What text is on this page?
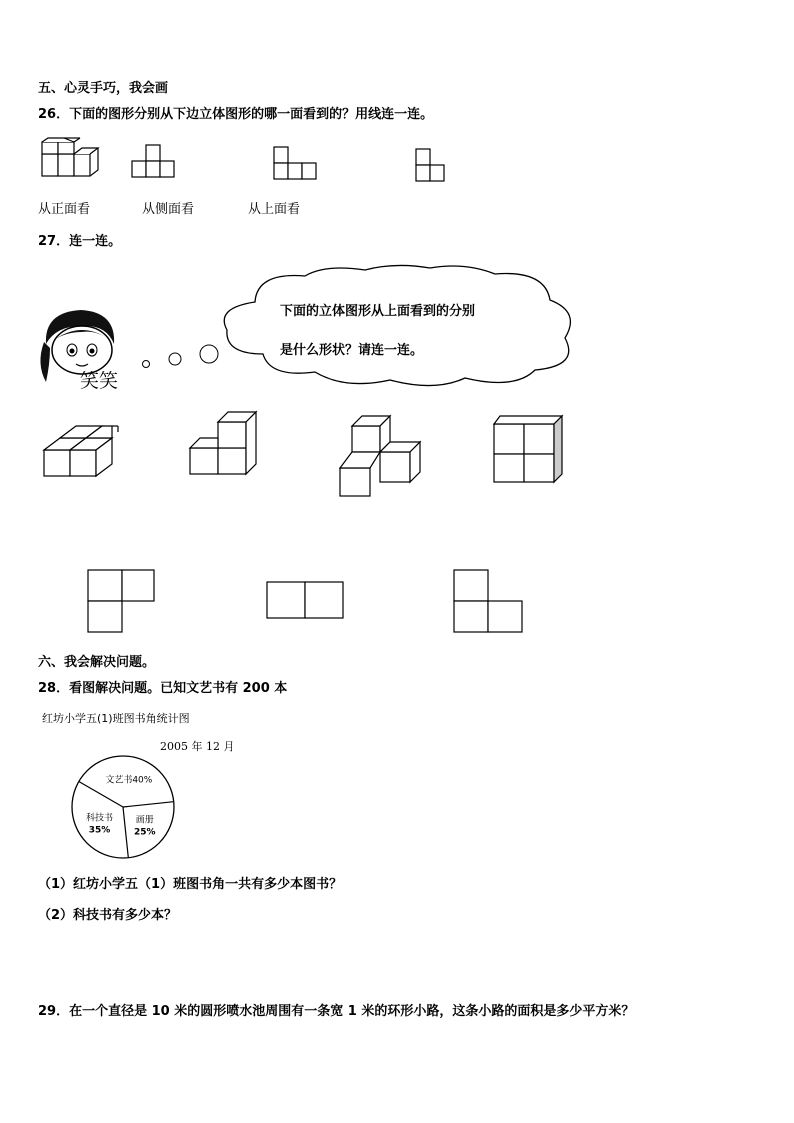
五、心灵手巧，我会画
26．下面的图形分别从下边立体图形的哪一面看到的？用线连一连。
从正面看	从侧面看	从上面看
27．连一连。
笑笑
下面的立体图形从上面看到的分别
是什么形状？请连一连。
六、我会解决问题。
28．看图解决问题。已知文艺书有 200 本
红坊小学五(1)班图书角统计图
2005 年 12 月
文艺书40%
画册
25%
科技书
35%
（1）红坊小学五（1）班图书角一共有多少本图书？
（2）科技书有多少本？
29．在一个直径是 10 米的圆形喷水池周围有一条宽 1 米的环形小路，这条小路的面积是多少平方米？
